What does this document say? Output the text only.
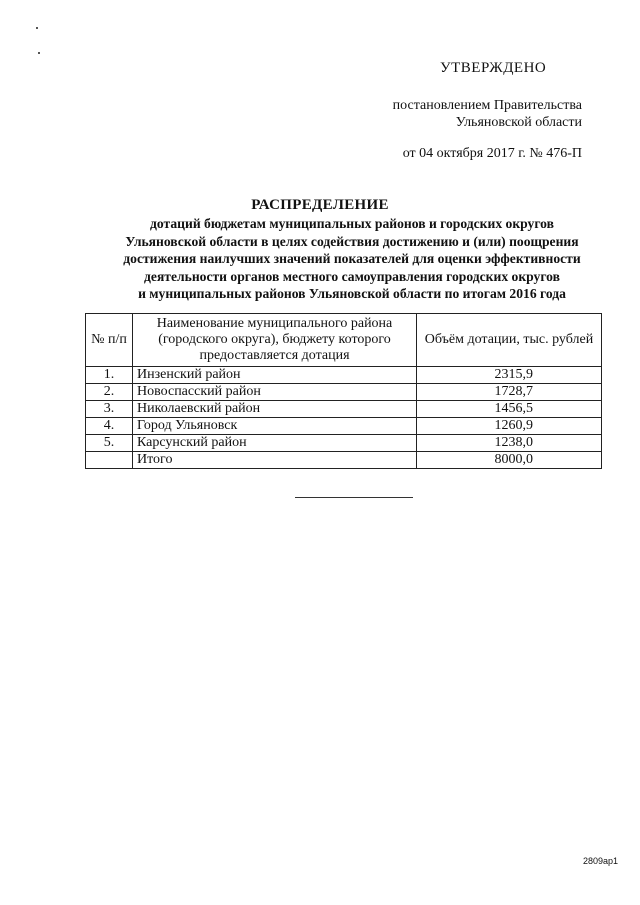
УТВЕРЖДЕНО
постановлением Правительства
Ульяновской области
от 04 октября 2017 г. № 476-П
РАСПРЕДЕЛЕНИЕ
дотаций бюджетам муниципальных районов и городских округов
Ульяновской области в целях содействия достижению и (или) поощрения
достижения наилучших значений показателей для оценки эффективности
деятельности органов местного самоуправления городских округов
и муниципальных районов Ульяновской области по итогам 2016 года
№ п/п	Наименование муниципального района (городского округа), бюджету которого предоставляется дотация	Объём дотации, тыс. рублей
1.	Инзенский район	2315,9
2.	Новоспасский район	1728,7
3.	Николаевский район	1456,5
4.	Город Ульяновск	1260,9
5.	Карсунский район	1238,0
	Итого	8000,0
2809ар1
